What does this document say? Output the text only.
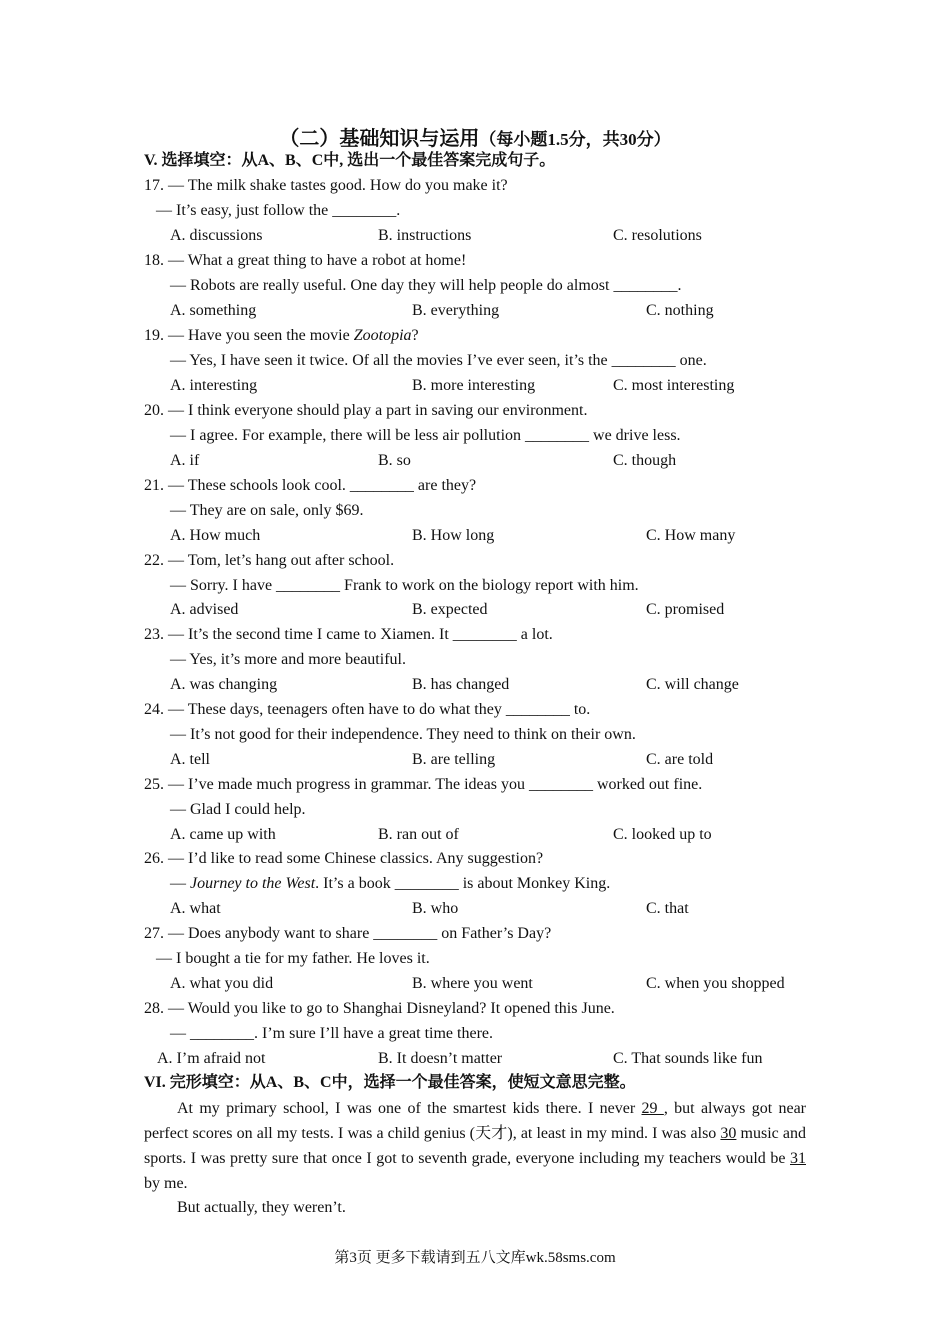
（二）基础知识与运用（每小题1.5分，共30分）
V. 选择填空：从A、B、C中, 选出一个最佳答案完成句子。
17. — The milk shake tastes good. How do you make it?
— It’s easy, just follow the ________.
A. discussions	B. instructions	C. resolutions
18. — What a great thing to have a robot at home!
— Robots are really useful. One day they will help people do almost ________.
A. something	B. everything	C. nothing
19. — Have you seen the movie Zootopia?
— Yes, I have seen it twice. Of all the movies I’ve ever seen, it’s the ________ one.
A. interesting	B. more interesting	C. most interesting
20. — I think everyone should play a part in saving our environment.
— I agree. For example, there will be less air pollution ________ we drive less.
A. if	B. so	C. though
21. — These schools look cool. ________ are they?
— They are on sale, only $69.
A. How much	B. How long	C. How many
22. — Tom, let’s hang out after school.
— Sorry. I have ________ Frank to work on the biology report with him.
A. advised	B. expected	C. promised
23. — It’s the second time I came to Xiamen. It ________ a lot.
— Yes, it’s more and more beautiful.
A. was changing	B. has changed	C. will change
24. — These days, teenagers often have to do what they ________ to.
— It’s not good for their independence. They need to think on their own.
A. tell	B. are telling	C. are told
25. — I’ve made much progress in grammar. The ideas you ________ worked out fine.
— Glad I could help.
A. came up with	B. ran out of	C. looked up to
26. — I’d like to read some Chinese classics. Any suggestion?
— Journey to the West. It’s a book ________ is about Monkey King.
A. what	B. who	C. that
27. — Does anybody want to share ________ on Father’s Day?
— I bought a tie for my father. He loves it.
A. what you did	B. where you went	C. when you shopped
28. — Would you like to go to Shanghai Disneyland? It opened this June.
— ________. I’m sure I’ll have a great time there.
A. I’m afraid not	B. It doesn’t matter	C. That sounds like fun
VI. 完形填空：从A、B、C中，选择一个最佳答案，使短文意思完整。
At my primary school, I was one of the smartest kids there. I never 29 , but always got near perfect scores on all my tests. I was a child genius (天才), at least in my mind. I was also 30 music and sports. I was pretty sure that once I got to seventh grade, everyone including my teachers would be 31 by me.
But actually, they weren’t.
第3页 更多下载请到五八文库wk.58sms.com
